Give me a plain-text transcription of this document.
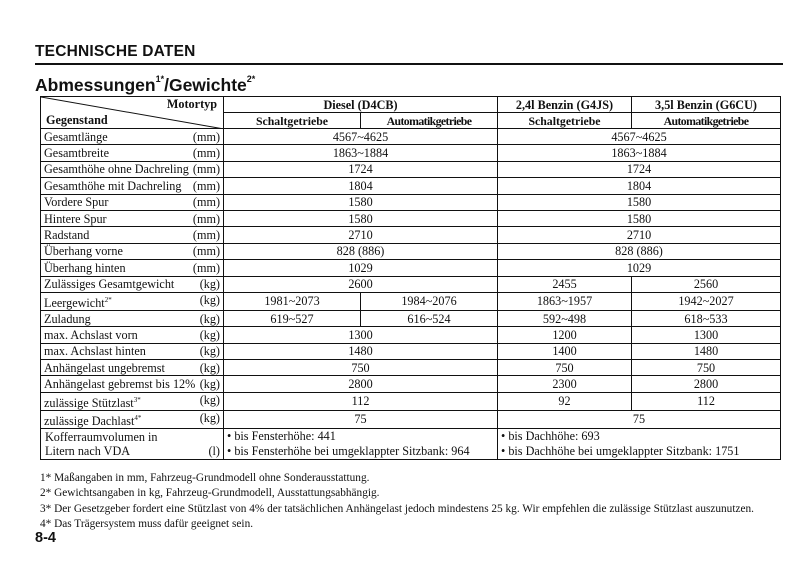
TECHNISCHE DATEN
Abmessungen$^{1*}$/Gewichte$^{2*}$
Motortyp
Gegenstand	Diesel (D4CB)		2,4l Benzin (G4JS)	3,5l Benzin (G6CU)
	Schaltgetriebe	Automatikgetriebe	Schaltgetriebe	Automatikgetriebe
Gesamtlänge (mm)	4567~4625		4567~4625	
Gesamtbreite (mm)	1863~1884		1863~1884	
Gesamthöhe ohne Dachreling (mm)	1724		1724	
Gesamthöhe mit Dachreling (mm)	1804		1804	
Vordere Spur (mm)	1580		1580	
Hintere Spur (mm)	1580		1580	
Radstand (mm)	2710		2710	
Überhang vorne (mm)	828 (886)		828 (886)	
Überhang hinten (mm)	1029		1029	
Zulässiges Gesamtgewicht (kg)	2600		2455	2560
Leergewicht$^{2*}$ (kg)	1981~2073	1984~2076	1863~1957	1942~2027
Zuladung (kg)	619~527	616~524	592~498	618~533
max. Achslast vorn (kg)	1300		1200	1300
max. Achslast hinten (kg)	1480		1400	1480
Anhängelast ungebremst (kg)	750		750	750
Anhängelast gebremst bis 12% (kg)	2800		2300	2800
zulässige Stützlast$^{3*}$ (kg)	112		92	112
zulässige Dachlast$^{4*}$ (kg)	75		75	

Kofferraumvolumen in
Litern nach VDA (l)	• bis Fensterhöhe: 441		• bis Dachhöhe: 693	
	• bis Fensterhöhe bei umgeklappter Sitzbank: 964		• bis Dachhöhe bei umgeklappter Sitzbank: 1751	
1* Maßangaben in mm, Fahrzeug-Grundmodell ohne Sonderausstattung.
2* Gewichtsangaben in kg, Fahrzeug-Grundmodell, Ausstattungsabhängig.
3* Der Gesetzgeber fordert eine Stützlast von 4% der tatsächlichen Anhängelast jedoch mindestens 25 kg. Wir empfehlen die zulässige Stützlast auszunutzen.
4* Das Trägersystem muss dafür geeignet sein.
8-4
